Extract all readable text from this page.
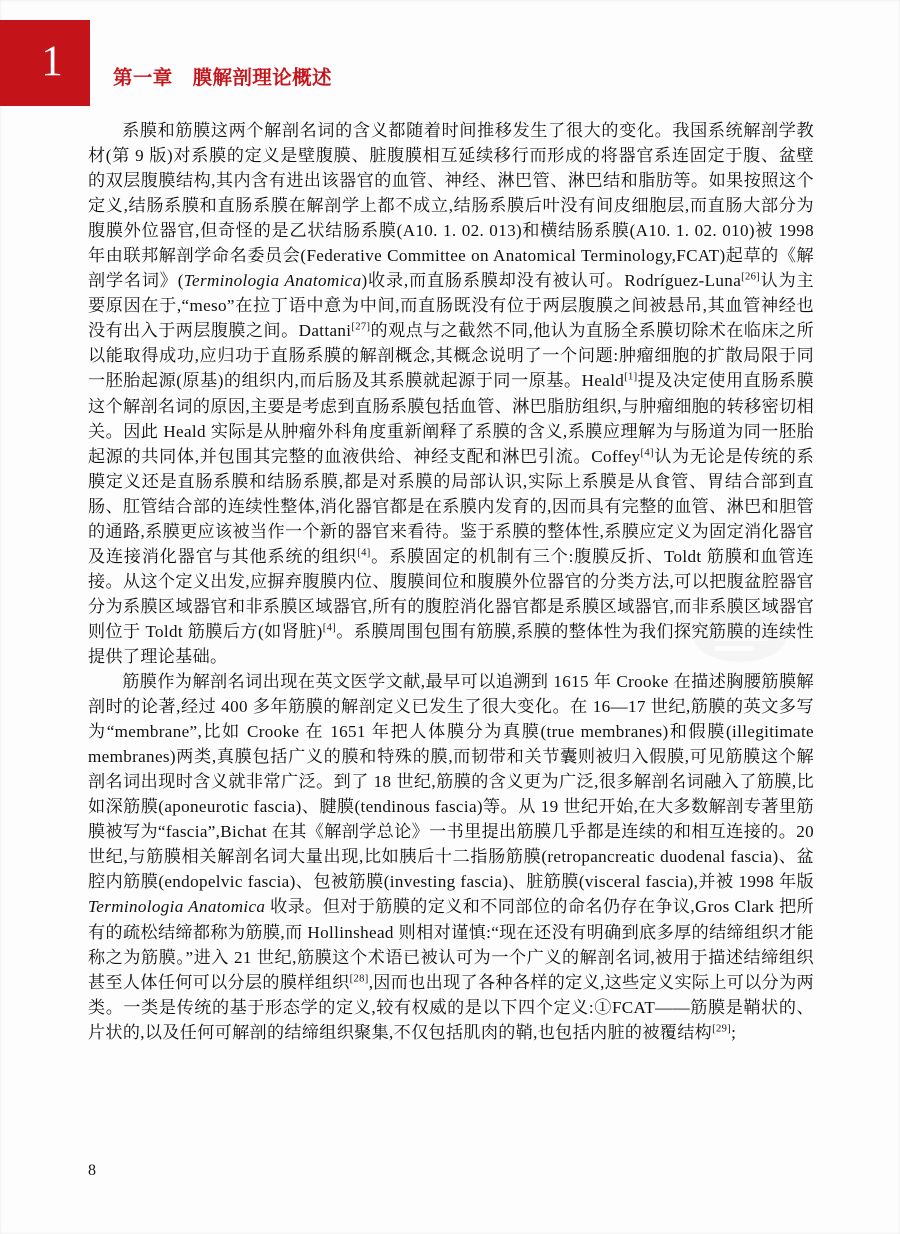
1	第一章　膜解剖理论概述

系膜和筋膜这两个解剖名词的含义都随着时间推移发生了很大的变化。我国系统解剖学教材(第 9 版)对系膜的定义是壁腹膜、脏腹膜相互延续移行而形成的将器官系连固定于腹、盆壁的双层腹膜结构,其内含有进出该器官的血管、神经、淋巴管、淋巴结和脂肪等。如果按照这个定义,结肠系膜和直肠系膜在解剖学上都不成立,结肠系膜后叶没有间皮细胞层,而直肠大部分为腹膜外位器官,但奇怪的是乙状结肠系膜(A10. 1. 02. 013)和横结肠系膜(A10. 1. 02. 010)被 1998 年由联邦解剖学命名委员会(Federative Committee on Anatomical Terminology,FCAT)起草的《解剖学名词》(Terminologia Anatomica)收录,而直肠系膜却没有被认可。Rodríguez-Luna[26]认为主要原因在于,“meso”在拉丁语中意为中间,而直肠既没有位于两层腹膜之间被悬吊,其血管神经也没有出入于两层腹膜之间。Dattani[27]的观点与之截然不同,他认为直肠全系膜切除术在临床之所以能取得成功,应归功于直肠系膜的解剖概念,其概念说明了一个问题:肿瘤细胞的扩散局限于同一胚胎起源(原基)的组织内,而后肠及其系膜就起源于同一原基。Heald[1]提及决定使用直肠系膜这个解剖名词的原因,主要是考虑到直肠系膜包括血管、淋巴脂肪组织,与肿瘤细胞的转移密切相关。因此 Heald 实际是从肿瘤外科角度重新阐释了系膜的含义,系膜应理解为与肠道为同一胚胎起源的共同体,并包围其完整的血液供给、神经支配和淋巴引流。Coffey[4]认为无论是传统的系膜定义还是直肠系膜和结肠系膜,都是对系膜的局部认识,实际上系膜是从食管、胃结合部到直肠、肛管结合部的连续性整体,消化器官都是在系膜内发育的,因而具有完整的血管、淋巴和胆管的通路,系膜更应该被当作一个新的器官来看待。鉴于系膜的整体性,系膜应定义为固定消化器官及连接消化器官与其他系统的组织[4]。系膜固定的机制有三个:腹膜反折、Toldt 筋膜和血管连接。从这个定义出发,应摒弃腹膜内位、腹膜间位和腹膜外位器官的分类方法,可以把腹盆腔器官分为系膜区域器官和非系膜区域器官,所有的腹腔消化器官都是系膜区域器官,而非系膜区域器官则位于 Toldt 筋膜后方(如肾脏)[4]。系膜周围包围有筋膜,系膜的整体性为我们探究筋膜的连续性提供了理论基础。

筋膜作为解剖名词出现在英文医学文献,最早可以追溯到 1615 年 Crooke 在描述胸腰筋膜解剖时的论著,经过 400 多年筋膜的解剖定义已发生了很大变化。在 16—17 世纪,筋膜的英文多写为“membrane”,比如 Crooke 在 1651 年把人体膜分为真膜(true membranes)和假膜(illegitimate membranes)两类,真膜包括广义的膜和特殊的膜,而韧带和关节囊则被归入假膜,可见筋膜这个解剖名词出现时含义就非常广泛。到了 18 世纪,筋膜的含义更为广泛,很多解剖名词融入了筋膜,比如深筋膜(aponeurotic fascia)、腱膜(tendinous fascia)等。从 19 世纪开始,在大多数解剖专著里筋膜被写为“fascia”,Bichat 在其《解剖学总论》一书里提出筋膜几乎都是连续的和相互连接的。20 世纪,与筋膜相关解剖名词大量出现,比如胰后十二指肠筋膜(retropancreatic duodenal fascia)、盆腔内筋膜(endopelvic fascia)、包被筋膜(investing fascia)、脏筋膜(visceral fascia),并被 1998 年版 Terminologia Anatomica 收录。但对于筋膜的定义和不同部位的命名仍存在争议,Gros Clark 把所有的疏松结缔都称为筋膜,而 Hollinshead 则相对谨慎:“现在还没有明确到底多厚的结缔组织才能称之为筋膜。”进入 21 世纪,筋膜这个术语已被认可为一个广义的解剖名词,被用于描述结缔组织甚至人体任何可以分层的膜样组织[28],因而也出现了各种各样的定义,这些定义实际上可以分为两类。一类是传统的基于形态学的定义,较有权威的是以下四个定义:①FCAT——筋膜是鞘状的、片状的,以及任何可解剖的结缔组织聚集,不仅包括肌肉的鞘,也包括内脏的被覆结构[29];

8
